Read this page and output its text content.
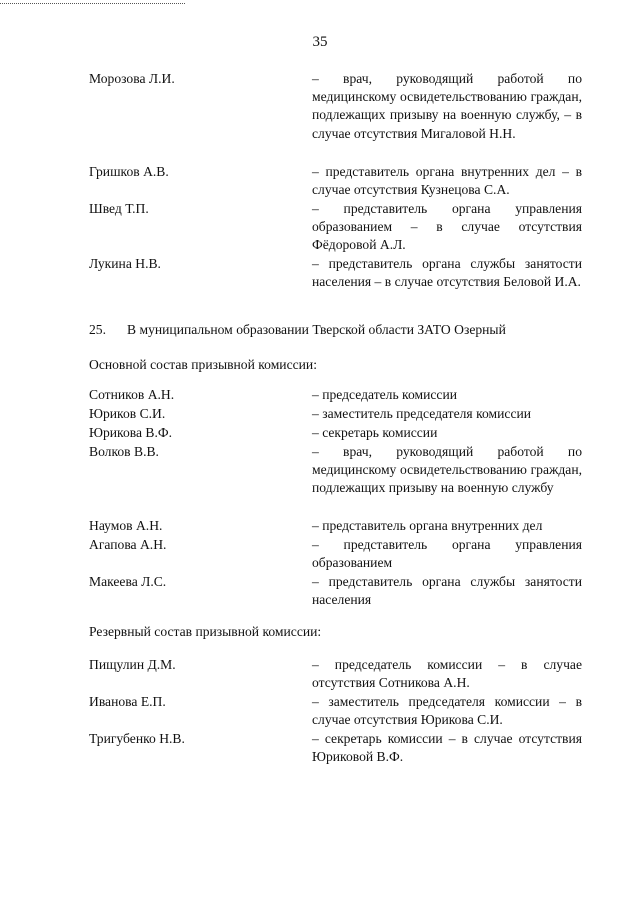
35
Морозова Л.И.	– врач, руководящий работой по медицинскому освидетельствованию граждан, подлежащих призыву на военную службу, – в случае отсутствия Мигаловой Н.Н.
Гришков А.В.	– представитель органа внутренних дел – в случае отсутствия Кузнецова С.А.
Швед Т.П.	– представитель органа управления образованием – в случае отсутствия Фёдоровой А.Л.
Лукина Н.В.	– представитель органа службы занятости населения – в случае отсутствия Беловой И.А.
25. В муниципальном образовании Тверской области ЗАТО Озерный
Основной состав призывной комиссии:
Сотников А.Н.	– председатель комиссии
Юриков С.И.	– заместитель председателя комиссии
Юрикова В.Ф.	– секретарь комиссии
Волков В.В.	– врач, руководящий работой по медицинскому освидетельствованию граждан, подлежащих призыву на военную службу
Наумов А.Н.	– представитель органа внутренних дел
Агапова А.Н.	– представитель органа управления образованием
Макеева Л.С.	– представитель органа службы занятости населения
Резервный состав призывной комиссии:
Пищулин Д.М.	– председатель комиссии – в случае отсутствия Сотникова А.Н.
Иванова Е.П.	– заместитель председателя комиссии – в случае отсутствия Юрикова С.И.
Тригубенко Н.В.	– секретарь комиссии – в случае отсутствия Юриковой В.Ф.
